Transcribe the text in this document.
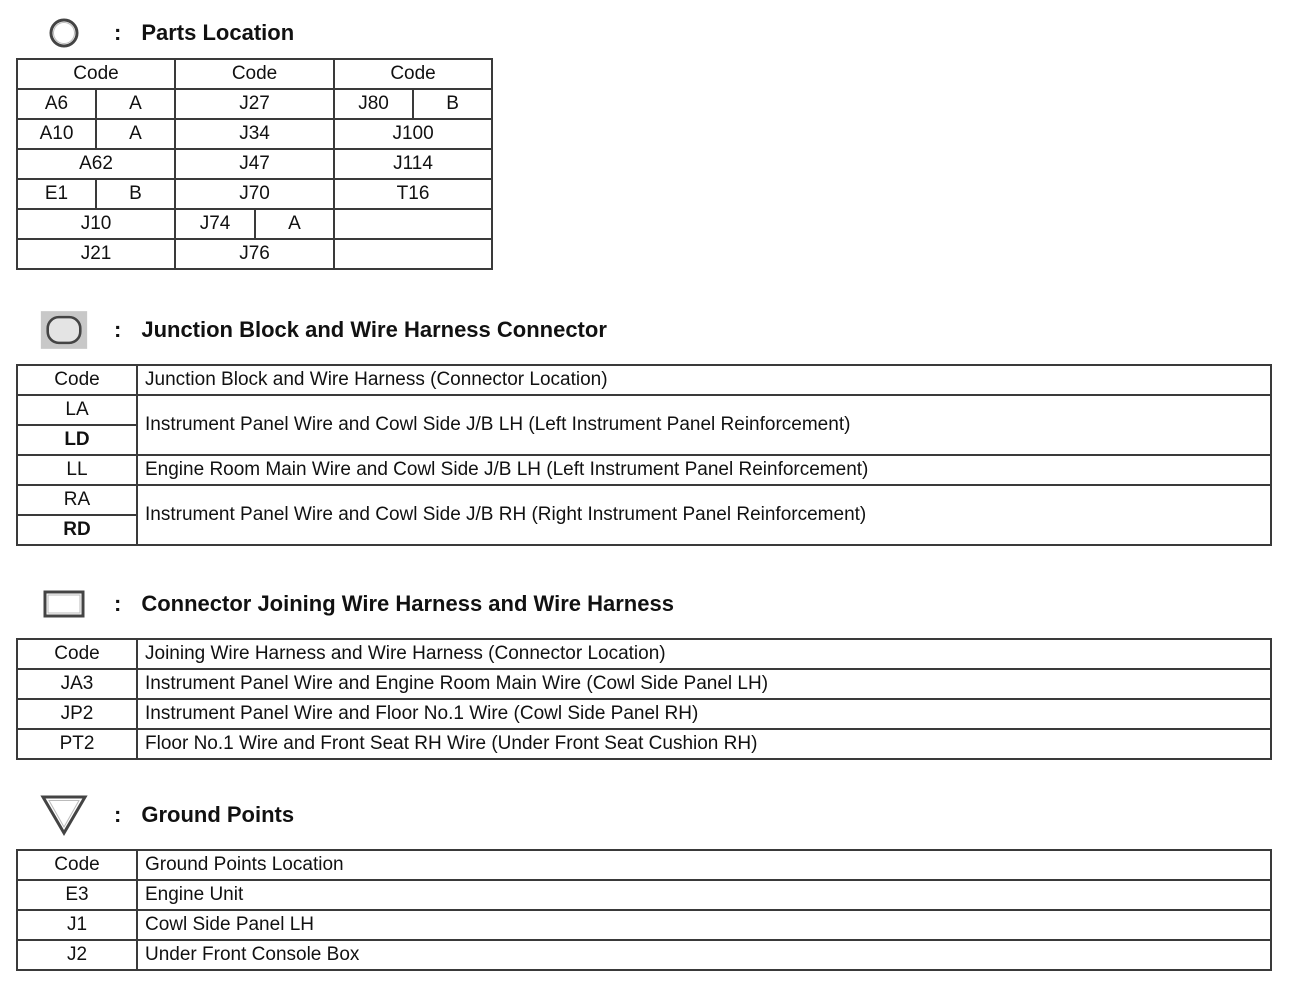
: Parts Location
Code		Code		Code	
A6	A	J27		J80	B
A10	A	J34		J100	
A62		J47		J114	
E1	B	J70		T16	
J10		J74	A		
J21		J76			
: Junction Block and Wire Harness Connector
Code	Junction Block and Wire Harness (Connector Location)
LA	Instrument Panel Wire and Cowl Side J/B LH (Left Instrument Panel Reinforcement)
LD	
LL	Engine Room Main Wire and Cowl Side J/B LH (Left Instrument Panel Reinforcement)
RA	Instrument Panel Wire and Cowl Side J/B RH (Right Instrument Panel Reinforcement)
RD	
: Connector Joining Wire Harness and Wire Harness
Code	Joining Wire Harness and Wire Harness (Connector Location)
JA3	Instrument Panel Wire and Engine Room Main Wire (Cowl Side Panel LH)
JP2	Instrument Panel Wire and Floor No.1 Wire (Cowl Side Panel RH)
PT2	Floor No.1 Wire and Front Seat RH Wire (Under Front Seat Cushion RH)
: Ground Points
Code	Ground Points Location
E3	Engine Unit
J1	Cowl Side Panel LH
J2	Under Front Console Box
